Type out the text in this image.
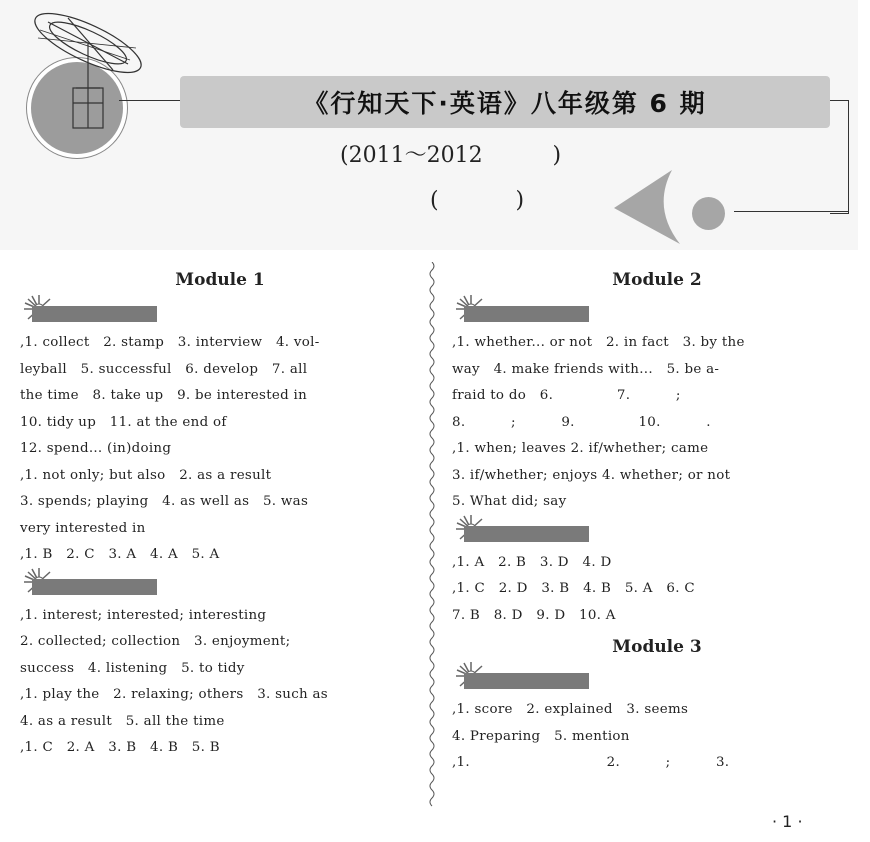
《行知天下·英语》八年级第 6 期
(2011～2012          )
(           )
Module 1
,1. collect   2. stamp   3. interview   4. vol-
leyball   5. successful   6. develop   7. all
the time   8. take up   9. be interested in
10. tidy up   11. at the end of
12. spend... (in)doing
,1. not only; but also   2. as a result
3. spends; playing   4. as well as   5. was
very interested in
,1. B   2. C   3. A   4. A   5. A
,1. interest; interested; interesting
2. collected; collection   3. enjoyment;
success   4. listening   5. to tidy
,1. play the   2. relaxing; others   3. such as
4. as a result   5. all the time
,1. C   2. A   3. B   4. B   5. B
Module 2
,1. whether... or not   2. in fact   3. by the
way   4. make friends with...   5. be a-
fraid to do   6.              7.          ;
8.          ;          9.              10.          .
,1. when; leaves 2. if/whether; came
3. if/whether; enjoys 4. whether; or not
5. What did; say
,1. A   2. B   3. D   4. D
,1. C   2. D   3. B   4. B   5. A   6. C
7. B   8. D   9. D   10. A
Module 3
,1. score   2. explained   3. seems
4. Preparing   5. mention
,1.                              2.          ;          3.
· 1 ·
